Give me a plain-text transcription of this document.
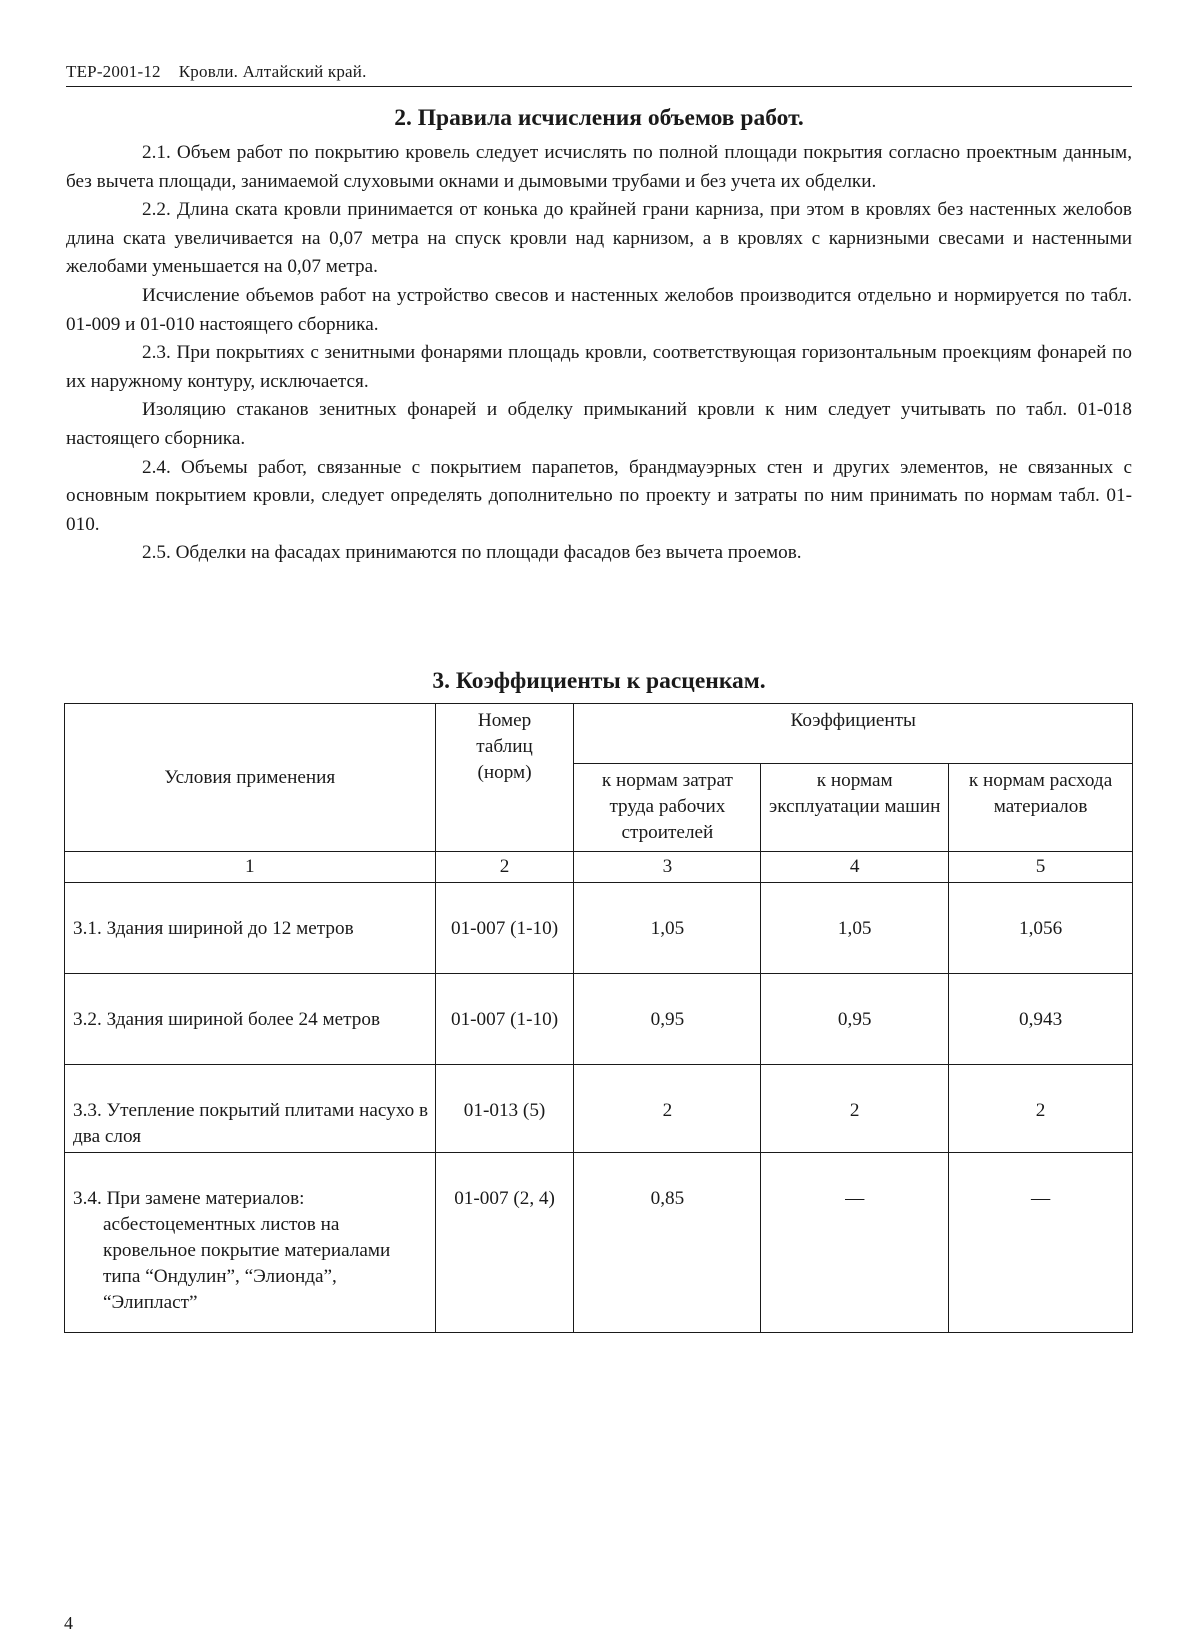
ТЕР-2001-12 Кровли. Алтайский край.
2. Правила исчисления объемов работ.

2.1. Объем работ по покрытию кровель следует исчислять по полной площади покрытия согласно проектным данным, без вычета площади, занимаемой слуховыми окнами и дымовыми трубами и без учета их обделки.

2.2. Длина ската кровли принимается от конька до крайней грани карниза, при этом в кровлях без настенных желобов длина ската увеличивается на 0,07 метра на спуск кровли над карнизом, а в кровлях с карнизными свесами и настенными желобами уменьшается на 0,07 метра.

Исчисление объемов работ на устройство свесов и настенных желобов производится отдельно и нормируется по табл. 01-009 и 01-010 настоящего сборника.

2.3. При покрытиях с зенитными фонарями площадь кровли, соответствующая горизонтальным проекциям фонарей по их наружному контуру, исключается.

Изоляцию стаканов зенитных фонарей и обделку примыканий кровли к ним следует учитывать по табл. 01-018 настоящего сборника.

2.4. Объемы работ, связанные с покрытием парапетов, брандмауэрных стен и других элементов, не связанных с основным покрытием кровли, следует определять дополнительно по проекту и затраты по ним принимать по нормам табл. 01-010.

2.5. Обделки на фасадах принимаются по площади фасадов без вычета проемов.

3. Коэффициенты к расценкам.
Условия применения	Номер таблиц (норм)	Коэффициенты		
		к нормам затрат труда рабочих строителей	к нормам эксплуатации машин	к нормам расхода материалов
1	2	3	4	5
3.1. Здания шириной до 12 метров	01-007 (1-10)	1,05	1,05	1,056
3.2. Здания шириной более 24 метров	01-007 (1-10)	0,95	0,95	0,943
3.3. Утепление покрытий плитами насухо в два слоя	01-013 (5)	2	2	2
3.4. При замене материалов: асбестоцементных листов на кровельное покрытие материалами типа “Ондулин”, “Элионда”, “Элипласт”	01-007 (2, 4)	0,85	—	—
4
